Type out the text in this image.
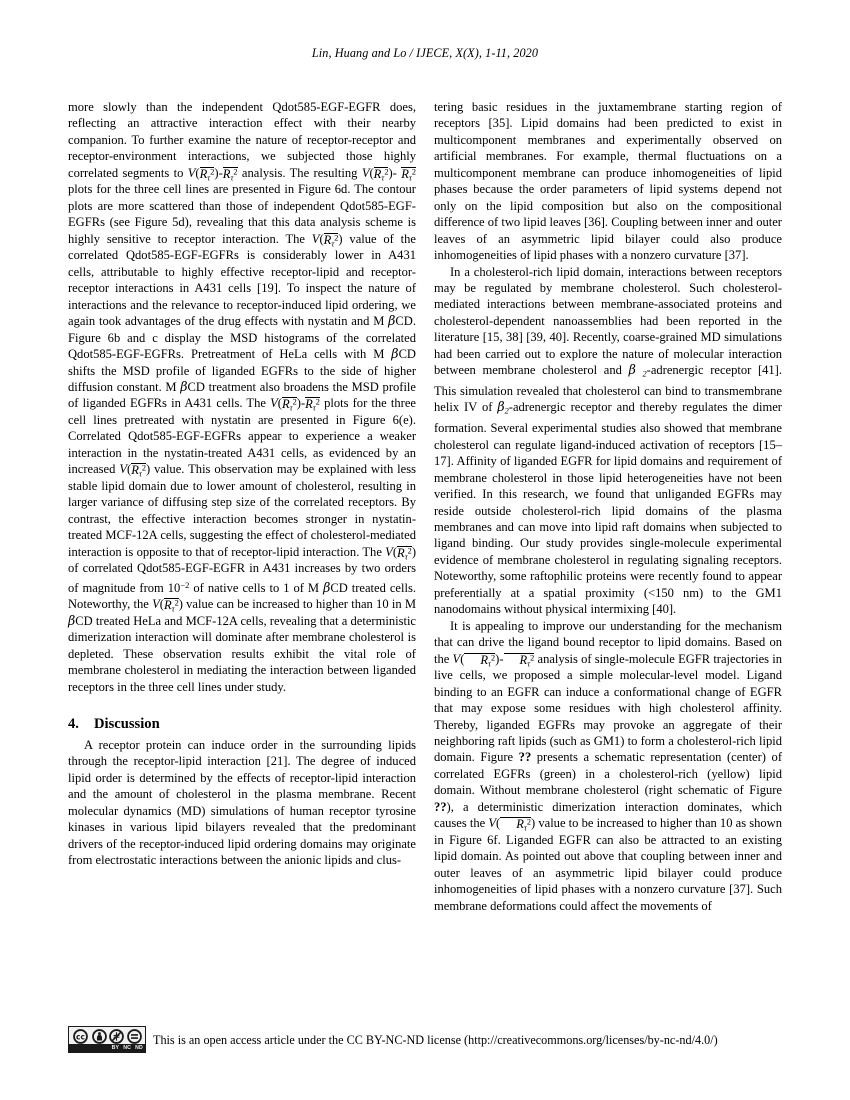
Lin, Huang and Lo / IJECE, X(X), 1-11, 2020

more slowly than the independent Qdot585-EGF-EGFR does, reflecting an attractive interaction effect with their nearby companion. To further examine the nature of receptor-receptor and receptor-environment interactions, we subjected those highly correlated segments to $V(R_\tau^2)-R_\tau^2$ analysis. The resulting $V(R_\tau^2)-$ $R_\tau^2$ plots for the three cell lines are presented in Figure 6d. The contour plots are more scattered than those of independent Qdot585-EGF-EGFRs (see Figure 5d), revealing that this data analysis scheme is highly sensitive to receptor interaction. The $V(R_\tau^2)$ value of the correlated Qdot585-EGF-EGFRs is considerably lower in A431 cells, attributable to highly effective receptor-lipid and receptor-receptor interactions in A431 cells [19]. To inspect the nature of interactions and the relevance to receptor-induced lipid ordering, we again took advantages of the drug effects with nystatin and M βCD. Figure 6b and c display the MSD histograms of the correlated Qdot585-EGF-EGFRs. Pretreatment of HeLa cells with M βCD shifts the MSD profile of liganded EGFRs to the side of higher diffusion constant. M βCD treatment also broadens the MSD profile of liganded EGFRs in A431 cells. The $V(R_\tau^2)-R_\tau^2$ plots for the three cell lines pretreated with nystatin are presented in Figure 6(e). Correlated Qdot585-EGF-EGFRs appear to experience a weaker interaction in the nystatin-treated A431 cells, as evidenced by an increased $V(R_\tau^2)$ value. This observation may be explained with less stable lipid domain due to lower amount of cholesterol, resulting in larger variance of diffusing step size of the correlated receptors. By contrast, the effective interaction becomes stronger in nystatin-treated MCF-12A cells, suggesting the effect of cholesterol-mediated interaction is opposite to that of receptor-lipid interaction. The $V(R_\tau^2)$ of correlated Qdot585-EGF-EGFR in A431 increases by two orders of magnitude from $10^{-2}$ of native cells to 1 of M βCD treated cells. Noteworthy, the $V(R_\tau^2)$ value can be increased to higher than 10 in M βCD treated HeLa and MCF-12A cells, revealing that a deterministic dimerization interaction will dominate after membrane cholesterol is depleted. These observation results exhibit the vital role of membrane cholesterol in mediating the interaction between liganded receptors in the three cell lines under study.

4. Discussion

A receptor protein can induce order in the surrounding lipids through the receptor-lipid interaction [21]. The degree of induced lipid order is determined by the effects of receptor-lipid interaction and the amount of cholesterol in the plasma membrane. Recent molecular dynamics (MD) simulations of human receptor tyrosine kinases in various lipid bilayers revealed that the predominant drivers of the receptor-induced lipid ordering domains may originate from electrostatic interactions between the anionic lipids and clus-

tering basic residues in the juxtamembrane starting region of receptors [35]. Lipid domains had been predicted to exist in multicomponent membranes and experimentally observed on artificial membranes. For example, thermal fluctuations on a multicomponent membrane can produce inhomogeneities of lipid phases because the order parameters of lipid systems depend not only on the lipid composition but also on the compositional difference of two lipid leaves [36]. Coupling between inner and outer leaves of an asymmetric lipid bilayer could also produce inhomogeneities of lipid phases with a nonzero curvature [37].

In a cholesterol-rich lipid domain, interactions between receptors may be regulated by membrane cholesterol. Such cholesterol-mediated interactions between membrane-associated proteins and cholesterol-dependent nanoassemblies had been reported in the literature [15, 38] [39, 40]. Recently, coarse-grained MD simulations had been carried out to explore the nature of molecular interaction between membrane cholesterol and β $_2$-adrenergic receptor [41]. This simulation revealed that cholesterol can bind to transmembrane helix IV of $\beta_2$-adrenergic receptor and thereby regulates the dimer formation. Several experimental studies also showed that membrane cholesterol can regulate ligand-induced activation of receptors [15–17]. Affinity of liganded EGFR for lipid domains and requirement of membrane cholesterol in those lipid heterogeneities have not been verified. In this research, we found that unliganded EGFRs may reside outside cholesterol-rich lipid domains of the plasma membranes and can move into lipid raft domains when subjected to ligand binding. Our study provides single-molecule experimental evidence of membrane cholesterol in regulating signaling receptors. Noteworthy, some raftophilic proteins were recently found to appear preferentially at a spatial proximity (<150 nm) to the GM1 nanodomains without physical intermixing [40].

It is appealing to improve our understanding for the mechanism that can drive the ligand bound receptor to lipid domains. Based on the V( $R_\tau^2)-$ $R_\tau^2$ analysis of single-molecule EGFR trajectories in live cells, we proposed a simple molecular-level model. Ligand binding to an EGFR can induce a conformational change of EGFR that may expose some residues with high cholesterol affinity. Thereby, liganded EGFRs may provoke an aggregate of their neighboring raft lipids (such as GM1) to form a cholesterol-rich lipid domain. Figure ?? presents a schematic representation (center) of correlated EGFRs (green) in a cholesterol-rich (yellow) lipid domain. Without membrane cholesterol (right schematic of Figure ??), a deterministic dimerization interaction dominates, which causes the V( $R_\tau^2$) value to be increased to higher than 10 as shown in Figure 6f. Liganded EGFR can also be attracted to an existing lipid domain. As pointed out above that coupling between inner and outer leaves of an asymmetric lipid bilayer could produce inhomogeneities of lipid phases with a nonzero curvature [37]. Such membrane deformations could affect the movements of

cc
BY NC ND
This is an open access article under the CC BY-NC-ND license (http://creativecommons.org/licenses/by-nc-nd/4.0/)
